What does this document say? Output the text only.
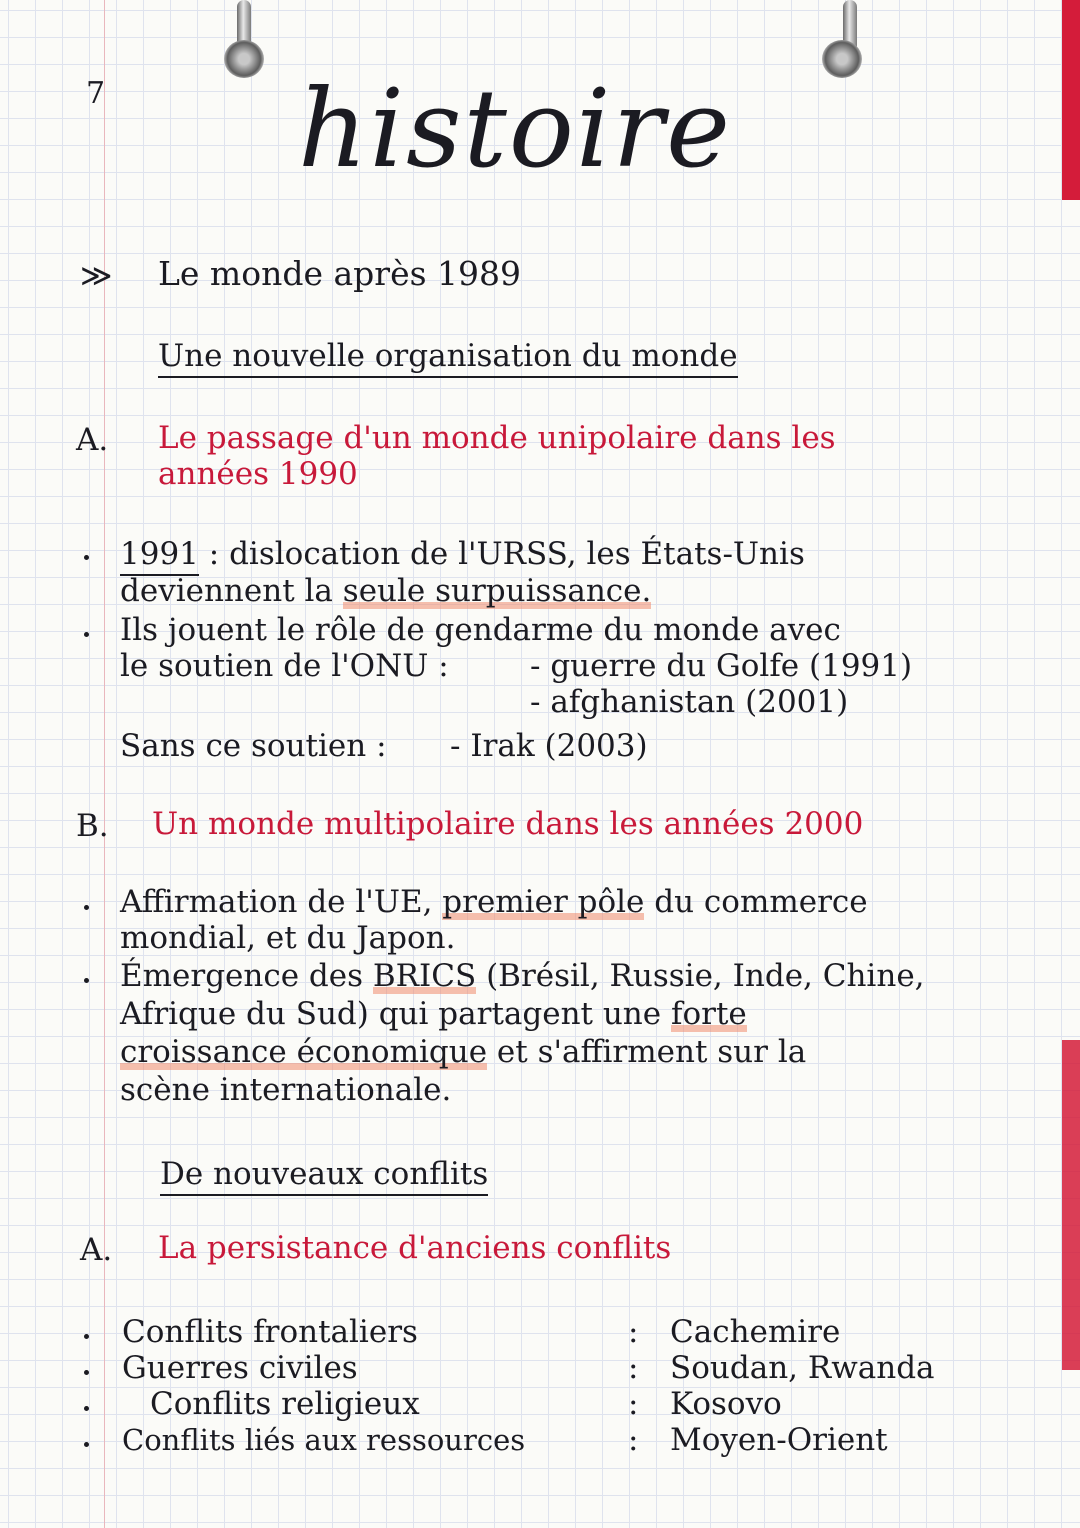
7 histoire
≫ Le monde après 1989
Une nouvelle organisation du monde
A. Le passage d'un monde unipolaire dans les
années 1990
1991 : dislocation de l'URSS, les États-Unis
deviennent la seule surpuissance.
Ils jouent le rôle de gendarme du monde avec
le soutien de l'ONU :	- guerre du Golfe (1991)
- afghanistan (2001)
Sans ce soutien : - Irak (2003)
B. Un monde multipolaire dans les années 2000
Affirmation de l'UE, premier pôle du commerce
mondial, et du Japon.
Émergence des BRICS (Brésil, Russie, Inde, Chine,
Afrique du Sud) qui partagent une forte
croissance économique et s'affirment sur la
scène internationale.
De nouveaux conflits
A. La persistance d'anciens conflits
Conflits frontaliers	: Cachemire
Guerres civiles	: Soudan, Rwanda
Conflits religieux	: Kosovo
Conflits liés aux ressources	: Moyen-Orient
